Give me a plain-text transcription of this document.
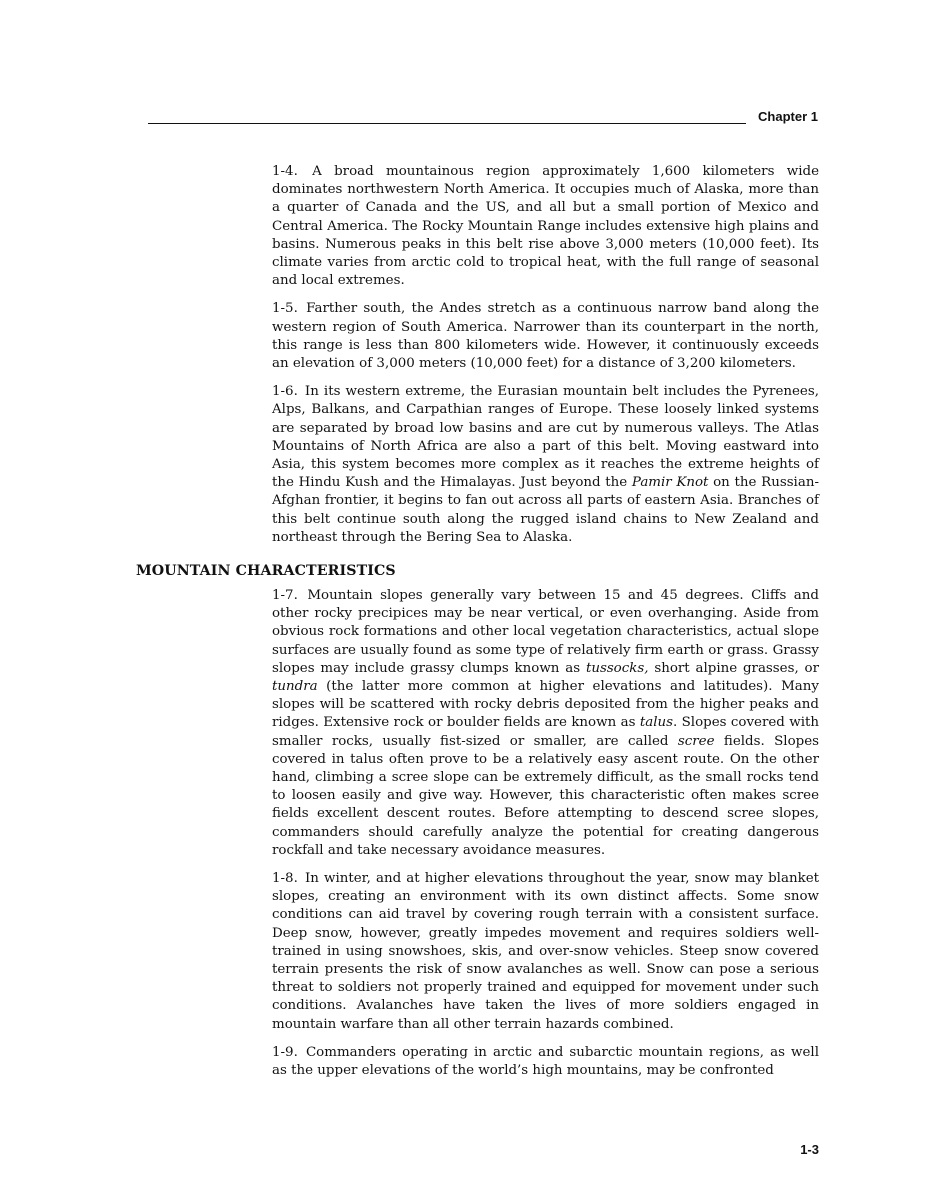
Chapter 1

1-4. A broad mountainous region approximately 1,600 kilometers wide dominates northwestern North America. It occupies much of Alaska, more than a quarter of Canada and the US, and all but a small portion of Mexico and Central America. The Rocky Mountain Range includes extensive high plains and basins. Numerous peaks in this belt rise above 3,000 meters (10,000 feet). Its climate varies from arctic cold to tropical heat, with the full range of seasonal and local extremes.

1-5. Farther south, the Andes stretch as a continuous narrow band along the western region of South America. Narrower than its counterpart in the north, this range is less than 800 kilometers wide. However, it continuously exceeds an elevation of 3,000 meters (10,000 feet) for a distance of 3,200 kilometers.

1-6. In its western extreme, the Eurasian mountain belt includes the Pyrenees, Alps, Balkans, and Carpathian ranges of Europe. These loosely linked systems are separated by broad low basins and are cut by numerous valleys. The Atlas Mountains of North Africa are also a part of this belt. Moving eastward into Asia, this system becomes more complex as it reaches the extreme heights of the Hindu Kush and the Himalayas. Just beyond the Pamir Knot on the Russian-Afghan frontier, it begins to fan out across all parts of eastern Asia. Branches of this belt continue south along the rugged island chains to New Zealand and northeast through the Bering Sea to Alaska.

MOUNTAIN CHARACTERISTICS

1-7. Mountain slopes generally vary between 15 and 45 degrees. Cliffs and other rocky precipices may be near vertical, or even overhanging. Aside from obvious rock formations and other local vegetation characteristics, actual slope surfaces are usually found as some type of relatively firm earth or grass. Grassy slopes may include grassy clumps known as tussocks, short alpine grasses, or tundra (the latter more common at higher elevations and latitudes). Many slopes will be scattered with rocky debris deposited from the higher peaks and ridges. Extensive rock or boulder fields are known as talus. Slopes covered with smaller rocks, usually fist-sized or smaller, are called scree fields. Slopes covered in talus often prove to be a relatively easy ascent route. On the other hand, climbing a scree slope can be extremely difficult, as the small rocks tend to loosen easily and give way. However, this characteristic often makes scree fields excellent descent routes. Before attempting to descend scree slopes, commanders should carefully analyze the potential for creating dangerous rockfall and take necessary avoidance measures.

1-8. In winter, and at higher elevations throughout the year, snow may blanket slopes, creating an environment with its own distinct affects. Some snow conditions can aid travel by covering rough terrain with a consistent surface. Deep snow, however, greatly impedes movement and requires soldiers well-trained in using snowshoes, skis, and over-snow vehicles. Steep snow covered terrain presents the risk of snow avalanches as well. Snow can pose a serious threat to soldiers not properly trained and equipped for movement under such conditions. Avalanches have taken the lives of more soldiers engaged in mountain warfare than all other terrain hazards combined.

1-9. Commanders operating in arctic and subarctic mountain regions, as well as the upper elevations of the world’s high mountains, may be confronted

1-3
